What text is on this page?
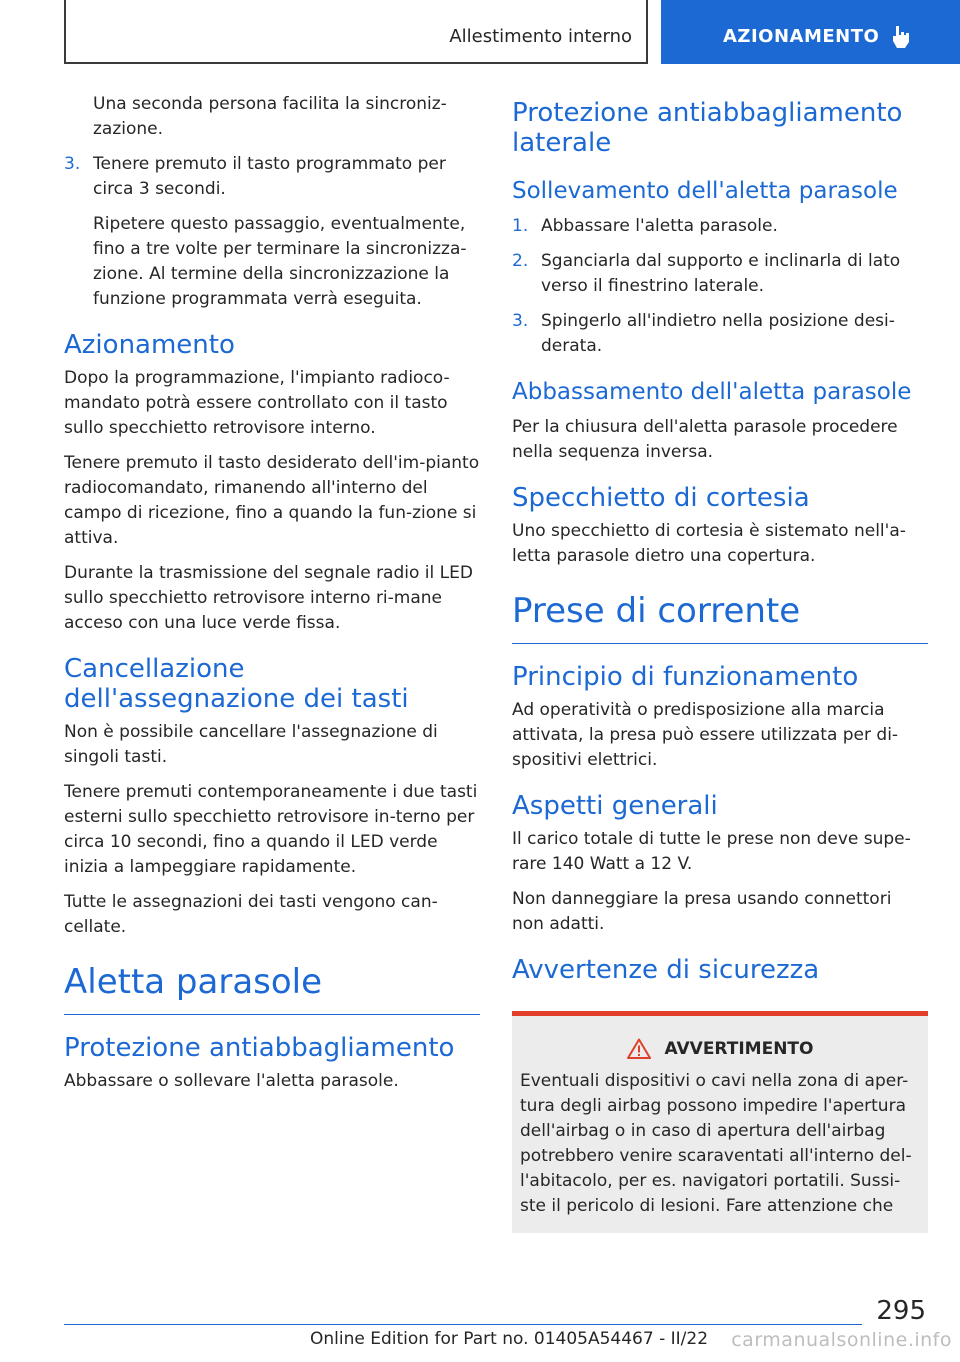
Allestimento interno	AZIONAMENTO

Una seconda persona facilita la sincroniz-zazione.

3. Tenere premuto il tasto programmato per circa 3 secondi.

Ripetere questo passaggio, eventualmente, fino a tre volte per terminare la sincronizza-zione. Al termine della sincronizzazione la funzione programmata verrà eseguita.

Azionamento

Dopo la programmazione, l'impianto radioco-mandato potrà essere controllato con il tasto sullo specchietto retrovisore interno.

Tenere premuto il tasto desiderato dell'im-pianto radiocomandato, rimanendo all'interno del campo di ricezione, fino a quando la fun-zione si attiva.

Durante la trasmissione del segnale radio il LED sullo specchietto retrovisore interno ri-mane acceso con una luce verde fissa.

Cancellazione dell'assegnazione dei tasti

Non è possibile cancellare l'assegnazione di singoli tasti.

Tenere premuti contemporaneamente i due tasti esterni sullo specchietto retrovisore in-terno per circa 10 secondi, fino a quando il LED verde inizia a lampeggiare rapidamente.

Tutte le assegnazioni dei tasti vengono can-cellate.

Aletta parasole
Protezione antiabbagliamento

Abbassare o sollevare l'aletta parasole.

Protezione antiabbagliamento laterale
Sollevamento dell'aletta parasole
1. Abbassare l'aletta parasole.
2. Sganciarla dal supporto e inclinarla di lato verso il finestrino laterale.
3. Spingerlo all'indietro nella posizione desi-derata.
Abbassamento dell'aletta parasole

Per la chiusura dell'aletta parasole procedere nella sequenza inversa.

Specchietto di cortesia

Uno specchietto di cortesia è sistemato nell'a-letta parasole dietro una copertura.

Prese di corrente
Principio di funzionamento

Ad operatività o predisposizione alla marcia attivata, la presa può essere utilizzata per di-spositivi elettrici.

Aspetti generali

Il carico totale di tutte le prese non deve supe-rare 140 Watt a 12 V.

Non danneggiare la presa usando connettori non adatti.

Avvertenze di sicurezza
AVVERTIMENTO

Eventuali dispositivi o cavi nella zona di aper-tura degli airbag possono impedire l'apertura dell'airbag o in caso di apertura dell'airbag potrebbero venire scaraventati all'interno del-l'abitacolo, per es. navigatori portatili. Sussi-ste il pericolo di lesioni. Fare attenzione che

295
Online Edition for Part no. 01405A54467 - II/22 carmanualsonline.info
